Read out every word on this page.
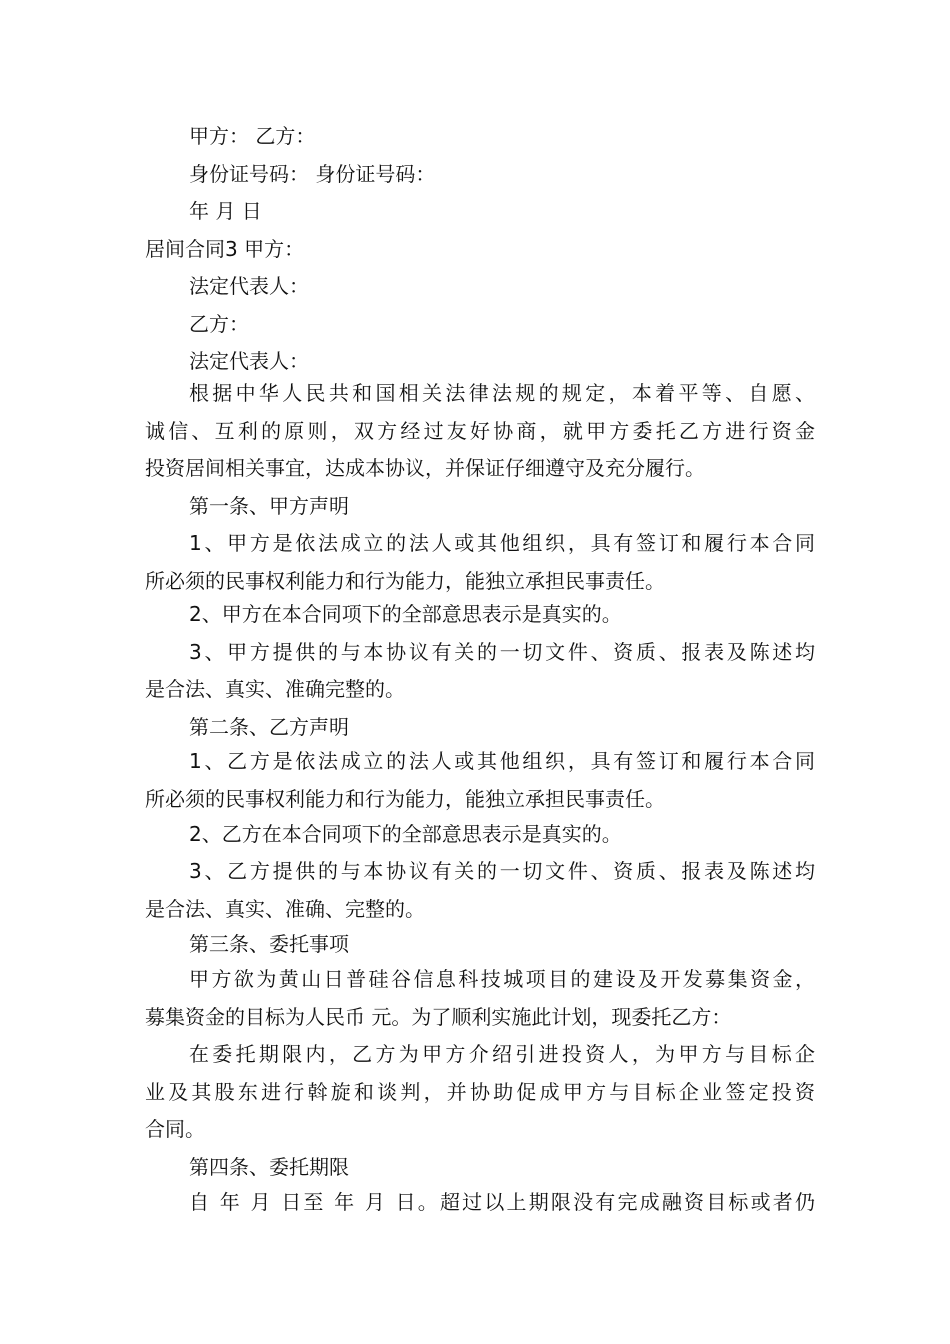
甲方： 乙方：
身份证号码： 身份证号码：
年 月 日
居间合同3 甲方：
法定代表人：
乙方：
法定代表人：
根据中华人民共和国相关法律法规的规定，本着平等、自愿、
诚信、互利的原则，双方经过友好协商，就甲方委托乙方进行资金
投资居间相关事宜，达成本协议，并保证仔细遵守及充分履行。
第一条、甲方声明
1、甲方是依法成立的法人或其他组织，具有签订和履行本合同
所必须的民事权利能力和行为能力，能独立承担民事责任。
2、甲方在本合同项下的全部意思表示是真实的。
3、甲方提供的与本协议有关的一切文件、资质、报表及陈述均
是合法、真实、准确完整的。
第二条、乙方声明
1、乙方是依法成立的法人或其他组织，具有签订和履行本合同
所必须的民事权利能力和行为能力，能独立承担民事责任。
2、乙方在本合同项下的全部意思表示是真实的。
3、乙方提供的与本协议有关的一切文件、资质、报表及陈述均
是合法、真实、准确、完整的。
第三条、委托事项
甲方欲为黄山日普硅谷信息科技城项目的建设及开发募集资金，
募集资金的目标为人民币 元。为了顺利实施此计划，现委托乙方：
在委托期限内，乙方为甲方介绍引进投资人，为甲方与目标企
业及其股东进行斡旋和谈判，并协助促成甲方与目标企业签定投资
合同。
第四条、委托期限
自 年 月 日至 年 月 日。超过以上期限没有完成融资目标或者仍
